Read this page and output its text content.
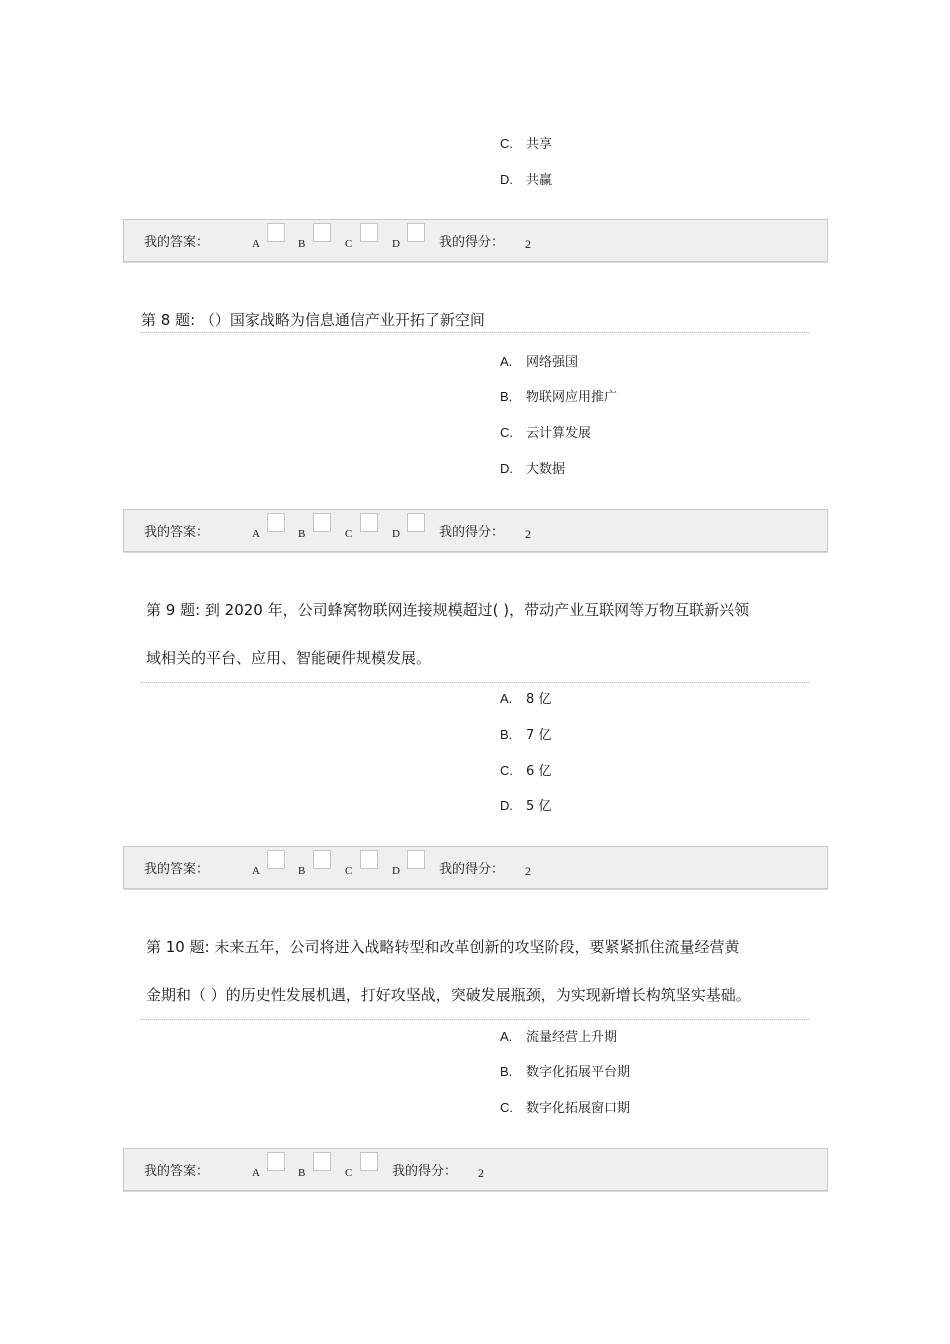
C. 共享
D. 共赢
我的答案：	A	B	C	D	我的得分： 2
第 8 题: （）国家战略为信息通信产业开拓了新空间
A. 网络强国
B. 物联网应用推广
C. 云计算发展
D. 大数据
我的答案：	A	B	C	D	我的得分： 2
第 9 题: 到 2020 年，公司蜂窝物联网连接规模超过( )，带动产业互联网等万物互联新兴领
域相关的平台、应用、智能硬件规模发展。
A. 8 亿
B. 7 亿
C. 6 亿
D. 5 亿
我的答案：	A	B	C	D	我的得分： 2
第 10 题: 未来五年，公司将进入战略转型和改革创新的攻坚阶段，要紧紧抓住流量经营黄
金期和（ ）的历史性发展机遇，打好攻坚战，突破发展瓶颈，为实现新增长构筑坚实基础。
A. 流量经营上升期
B. 数字化拓展平台期
C. 数字化拓展窗口期
我的答案：	A	B	C	我的得分： 2
